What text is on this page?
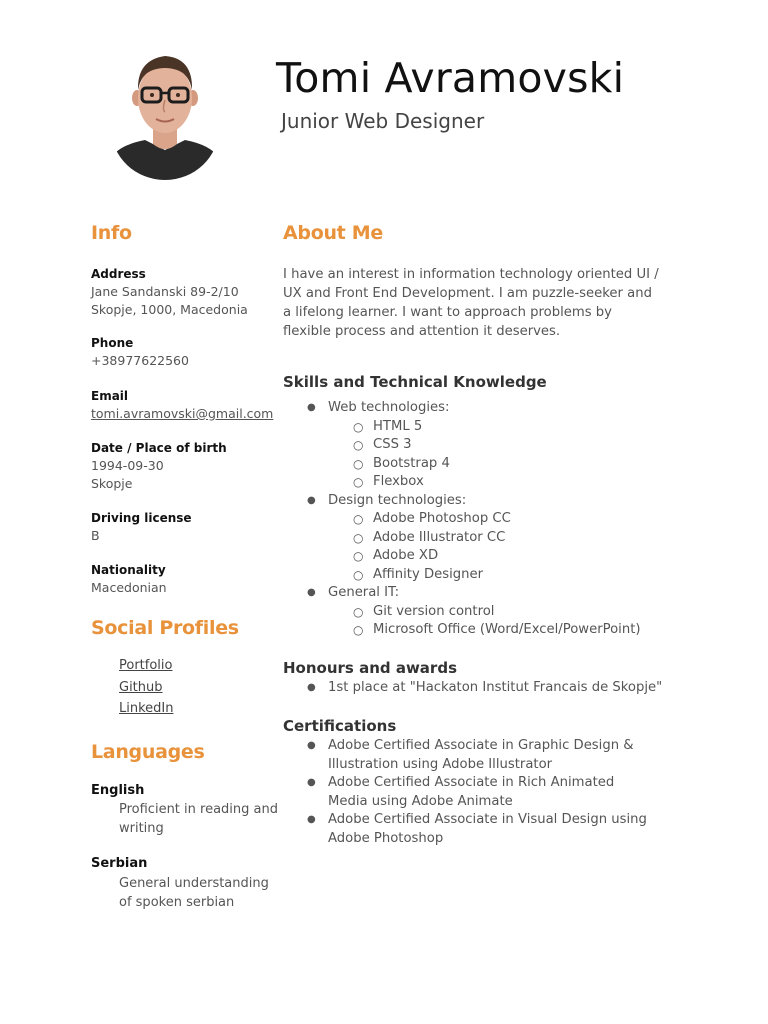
Tomi Avramovski
Junior Web Designer
Info
Address
Jane Sandanski 89-2/10
Skopje, 1000, Macedonia
Phone
+38977622560
Email
tomi.avramovski@gmail.com
Date / Place of birth
1994-09-30
Skopje
Driving license
B
Nationality
Macedonian
Social Profiles
Portfolio
Github
LinkedIn
Languages
English
Proficient in reading and writing
Serbian
General understanding of spoken serbian
About Me
I have an interest in information technology oriented UI / UX and Front End Development. I am puzzle-seeker and a lifelong learner. I want to approach problems by flexible process and attention it deserves.
Skills and Technical Knowledge
● Web technologies:
○ HTML 5
○ CSS 3
○ Bootstrap 4
○ Flexbox
● Design technologies:
○ Adobe Photoshop CC
○ Adobe Illustrator CC
○ Adobe XD
○ Affinity Designer
● General IT:
○ Git version control
○ Microsoft Office (Word/Excel/PowerPoint)
Honours and awards
● 1st place at "Hackaton Institut Francais de Skopje"
Certifications
● Adobe Certified Associate in Graphic Design & Illustration using Adobe Illustrator
● Adobe Certified Associate in Rich Animated Media using Adobe Animate
● Adobe Certified Associate in Visual Design using Adobe Photoshop
